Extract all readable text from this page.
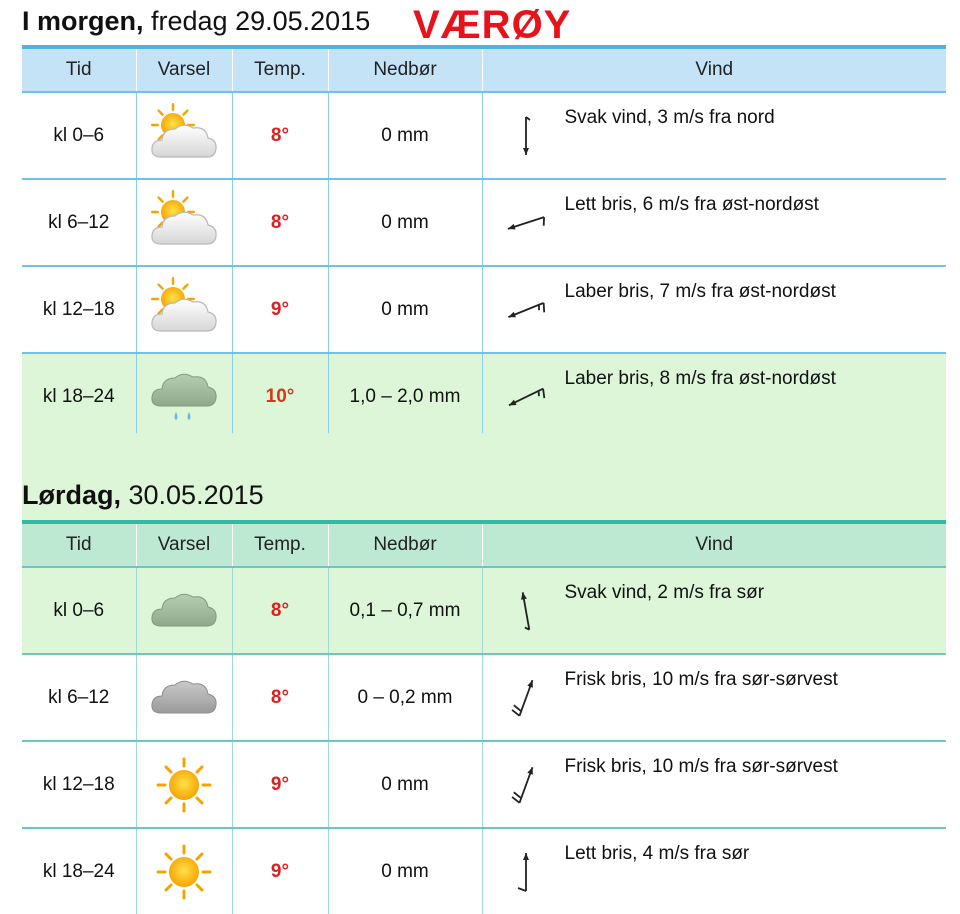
I morgen, fredag 29.05.2015 VÆRØY
Tid	Varsel	Temp.	Nedbør	Vind
kl 0–6		8°	0 mm	Svak vind, 3 m/s fra nord

kl 6–12		8°	0 mm	Lett bris, 6 m/s fra øst-nordøst

kl 12–18		9°	0 mm	Laber bris, 7 m/s fra øst-nordøst

kl 18–24		10°	1,0 – 2,0 mm	Laber bris, 8 m/s fra øst-nordøst
Lørdag, 30.05.2015
Tid	Varsel	Temp.	Nedbør	Vind
kl 0–6		8°	0,1 – 0,7 mm	Svak vind, 2 m/s fra sør

kl 6–12		8°	0 – 0,2 mm	Frisk bris, 10 m/s fra sør-sørvest

kl 12–18		9°	0 mm	Frisk bris, 10 m/s fra sør-sørvest

kl 18–24		9°	0 mm	Lett bris, 4 m/s fra sør
